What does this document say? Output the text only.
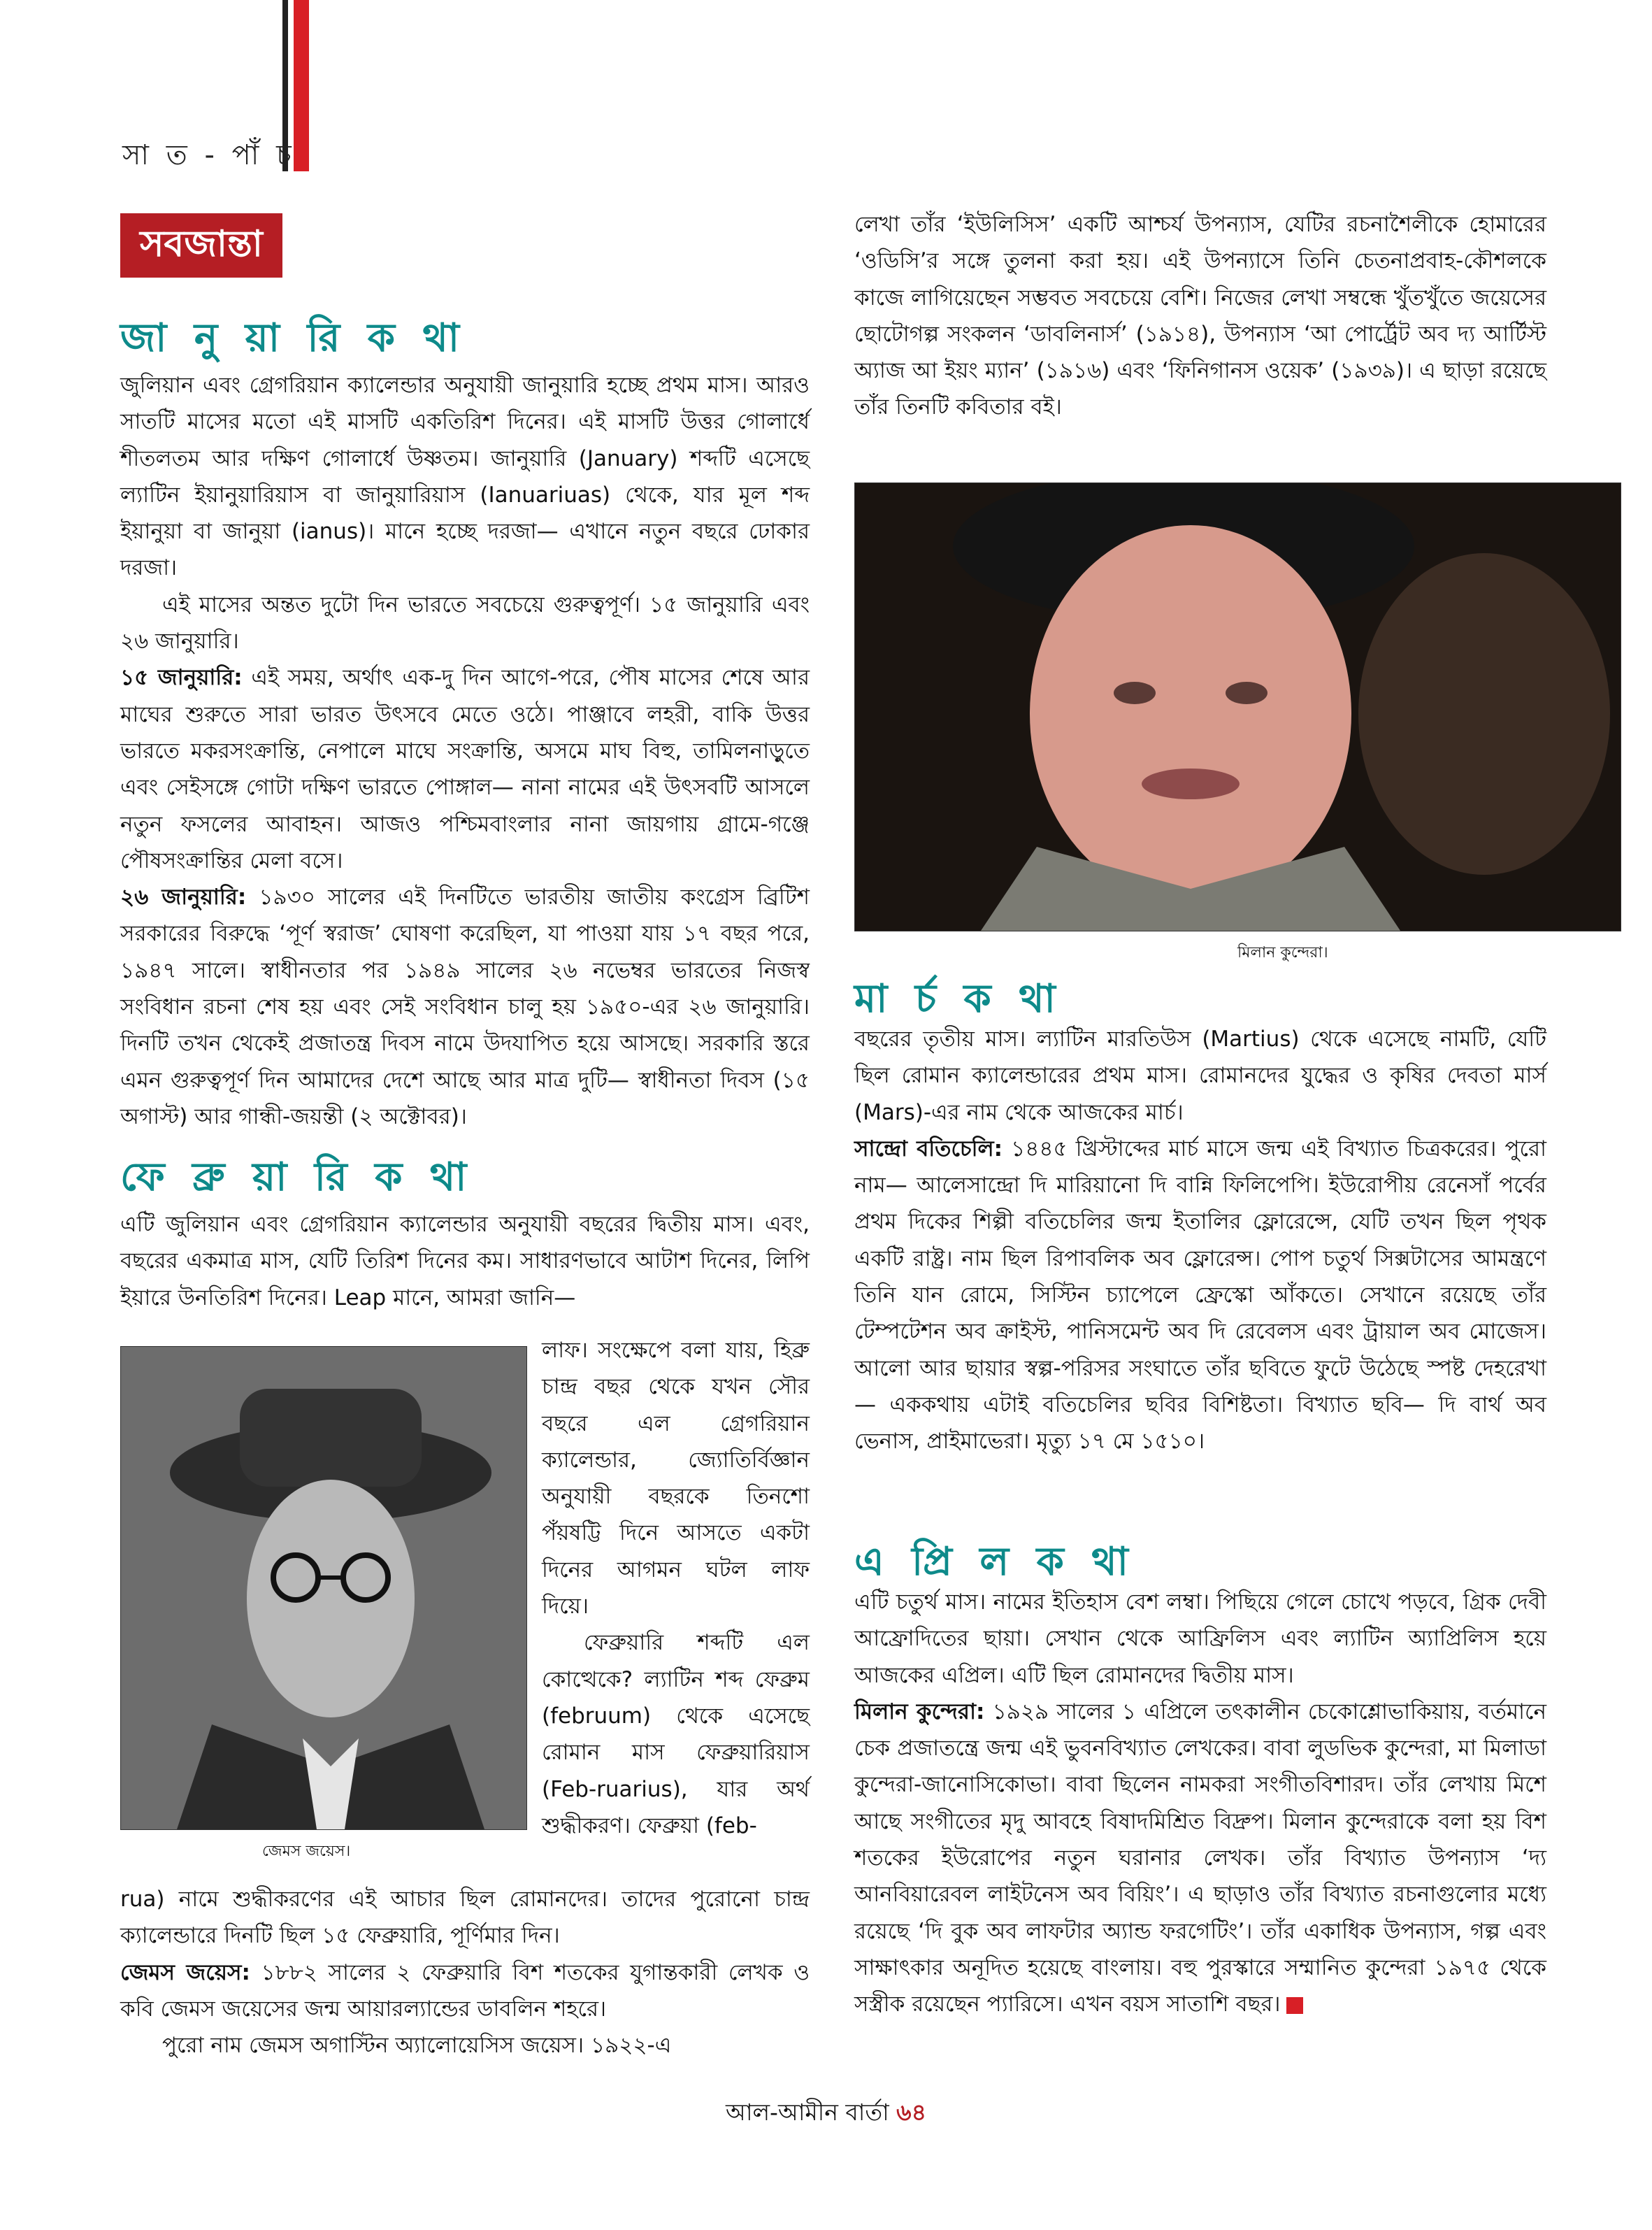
সা ত - পাঁ চ
সবজান্তা
জা নু য়া রি ক থা

জুলিয়ান এবং গ্রেগরিয়ান ক্যালেন্ডার অনুযায়ী জানুয়ারি হচ্ছে প্রথম মাস। আরও সাতটি মাসের মতো এই মাসটি একতিরিশ দিনের। এই মাসটি উত্তর গোলার্ধে শীতলতম আর দক্ষিণ গোলার্ধে উষ্ণতম। জানুয়ারি (January) শব্দটি এসেছে ল্যাটিন ইয়ানুয়ারিয়াস বা জানুয়ারিয়াস (Ianuariuas) থেকে, যার মূল শব্দ ইয়ানুয়া বা জানুয়া (ianus)। মানে হচ্ছে দরজা— এখানে নতুন বছরে ঢোকার দরজা।

এই মাসের অন্তত দুটো দিন ভারতে সবচেয়ে গুরুত্বপূর্ণ। ১৫ জানুয়ারি এবং ২৬ জানুয়ারি।

১৫ জানুয়ারি: এই সময়, অর্থাৎ এক-দু দিন আগে-পরে, পৌষ মাসের শেষে আর মাঘের শুরুতে সারা ভারত উৎসবে মেতে ওঠে। পাঞ্জাবে লহরী, বাকি উত্তর ভারতে মকরসংক্রান্তি, নেপালে মাঘে সংক্রান্তি, অসমে মাঘ বিহু, তামিলনাড়ুতে এবং সেইসঙ্গে গোটা দক্ষিণ ভারতে পোঙ্গাল— নানা নামের এই উৎসবটি আসলে নতুন ফসলের আবাহন। আজও পশ্চিমবাংলার নানা জায়গায় গ্রামে-গঞ্জে পৌষসংক্রান্তির মেলা বসে।

২৬ জানুয়ারি: ১৯৩০ সালের এই দিনটিতে ভারতীয় জাতীয় কংগ্রেস ব্রিটিশ সরকারের বিরুদ্ধে ‘পূর্ণ স্বরাজ’ ঘোষণা করেছিল, যা পাওয়া যায় ১৭ বছর পরে, ১৯৪৭ সালে। স্বাধীনতার পর ১৯৪৯ সালের ২৬ নভেম্বর ভারতের নিজস্ব সংবিধান রচনা শেষ হয় এবং সেই সংবিধান চালু হয় ১৯৫০-এর ২৬ জানুয়ারি। দিনটি তখন থেকেই প্রজাতন্ত্র দিবস নামে উদযাপিত হয়ে আসছে। সরকারি স্তরে এমন গুরুত্বপূর্ণ দিন আমাদের দেশে আছে আর মাত্র দুটি— স্বাধীনতা দিবস (১৫ অগাস্ট) আর গান্ধী-জয়ন্তী (২ অক্টোবর)।

ফে ব্রু য়া রি ক থা
এটি জুলিয়ান এবং গ্রেগরিয়ান ক্যালেন্ডার অনুযায়ী বছরের দ্বিতীয় মাস। এবং, বছরের একমাত্র মাস, যেটি তিরিশ দিনের কম। সাধারণভাবে আটাশ দিনের, লিপি ইয়ারে উনতিরিশ দিনের। Leap মানে, আমরা জানি—
জেমস জয়েস।

লাফ। সংক্ষেপে বলা যায়, হিব্রু চান্দ্র বছর থেকে যখন সৌর বছরে এল গ্রেগরিয়ান ক্যালেন্ডার, জ্যোতির্বিজ্ঞান অনুযায়ী বছরকে তিনশো পঁয়ষট্টি দিনে আসতে একটা দিনের আগমন ঘটল লাফ দিয়ে।

ফেব্রুয়ারি শব্দটি এল কোত্থেকে? ল্যাটিন শব্দ ফেব্রুম (februum) থেকে এসেছে রোমান মাস ফেব্রুয়ারিয়াস (Feb-ruarius), যার অর্থ শুদ্ধীকরণ। ফেব্রুয়া (feb-

rua) নামে শুদ্ধীকরণের এই আচার ছিল রোমানদের। তাদের পুরোনো চান্দ্র ক্যালেন্ডারে দিনটি ছিল ১৫ ফেব্রুয়ারি, পূর্ণিমার দিন।

জেমস জয়েস: ১৮৮২ সালের ২ ফেব্রুয়ারি বিশ শতকের যুগান্তকারী লেখক ও কবি জেমস জয়েসের জন্ম আয়ারল্যান্ডের ডাবলিন শহরে।

পুরো নাম জেমস অগাস্টিন অ্যালোয়েসিস জয়েস। ১৯২২-এ

লেখা তাঁর ‘ইউলিসিস’ একটি আশ্চর্য উপন্যাস, যেটির রচনাশৈলীকে হোমারের ‘ওডিসি’র সঙ্গে তুলনা করা হয়। এই উপন্যাসে তিনি চেতনাপ্রবাহ-কৌশলকে কাজে লাগিয়েছেন সম্ভবত সবচেয়ে বেশি। নিজের লেখা সম্বন্ধে খুঁতখুঁতে জয়েসের ছোটোগল্প সংকলন ‘ডাবলিনার্স’ (১৯১৪), উপন্যাস ‘আ পোর্ট্রেট অব দ্য আর্টিস্ট অ্যাজ আ ইয়ং ম্যান’ (১৯১৬) এবং ‘ফিনিগানস ওয়েক’ (১৯৩৯)। এ ছাড়া রয়েছে তাঁর তিনটি কবিতার বই।
মিলান কুন্দেরা।
মা র্চ ক থা

বছরের তৃতীয় মাস। ল্যাটিন মারতিউস (Martius) থেকে এসেছে নামটি, যেটি ছিল রোমান ক্যালেন্ডারের প্রথম মাস। রোমানদের যুদ্ধের ও কৃষির দেবতা মার্স (Mars)-এর নাম থেকে আজকের মার্চ।

সান্দ্রো বতিচেলি: ১৪৪৫ খ্রিস্টাব্দের মার্চ মাসে জন্ম এই বিখ্যাত চিত্রকরের। পুরো নাম— আলেসান্দ্রো দি মারিয়ানো দি বান্নি ফিলিপেপি। ইউরোপীয় রেনেসাঁ পর্বের প্রথম দিকের শিল্পী বতিচেলির জন্ম ইতালির ফ্লোরেন্সে, যেটি তখন ছিল পৃথক একটি রাষ্ট্র। নাম ছিল রিপাবলিক অব ফ্লোরেন্স। পোপ চতুর্থ সিক্সটাসের আমন্ত্রণে তিনি যান রোমে, সিস্টিন চ্যাপেলে ফ্রেস্কো আঁকতে। সেখানে রয়েছে তাঁর টেম্পটেশন অব ক্রাইস্ট, পানিসমেন্ট অব দি রেবেলস এবং ট্রায়াল অব মোজেস। আলো আর ছায়ার স্বল্প-পরিসর সংঘাতে তাঁর ছবিতে ফুটে উঠেছে স্পষ্ট দেহরেখা— এককথায় এটাই বতিচেলির ছবির বিশিষ্টতা। বিখ্যাত ছবি— দি বার্থ অব ভেনাস, প্রাইমাভেরা। মৃত্যু ১৭ মে ১৫১০।

এ প্রি ল ক থা

এটি চতুর্থ মাস। নামের ইতিহাস বেশ লম্বা। পিছিয়ে গেলে চোখে পড়বে, গ্রিক দেবী আফ্রোদিতের ছায়া। সেখান থেকে আফ্রিলিস এবং ল্যাটিন অ্যাপ্রিলিস হয়ে আজকের এপ্রিল। এটি ছিল রোমানদের দ্বিতীয় মাস।

মিলান কুন্দেরা: ১৯২৯ সালের ১ এপ্রিলে তৎকালীন চেকোশ্লোভাকিয়ায়, বর্তমানে চেক প্রজাতন্ত্রে জন্ম এই ভুবনবিখ্যাত লেখকের। বাবা লুডভিক কুন্দেরা, মা মিলাডা কুন্দেরা-জানোসিকোভা। বাবা ছিলেন নামকরা সংগীতবিশারদ। তাঁর লেখায় মিশে আছে সংগীতের মৃদু আবহে বিষাদমিশ্রিত বিদ্রুপ। মিলান কুন্দেরাকে বলা হয় বিশ শতকের ইউরোপের নতুন ঘরানার লেখক। তাঁর বিখ্যাত উপন্যাস ‘দ্য আনবিয়ারেবল লাইটনেস অব বিয়িং’। এ ছাড়াও তাঁর বিখ্যাত রচনাগুলোর মধ্যে রয়েছে ‘দি বুক অব লাফটার অ্যান্ড ফরগেটিং’। তাঁর একাধিক উপন্যাস, গল্প এবং সাক্ষাৎকার অনূদিত হয়েছে বাংলায়। বহু পুরস্কারে সম্মানিত কুন্দেরা ১৯৭৫ থেকে সস্ত্রীক রয়েছেন প্যারিসে। এখন বয়স সাতাশি বছর।

আল-আমীন বার্তা ৬৪
